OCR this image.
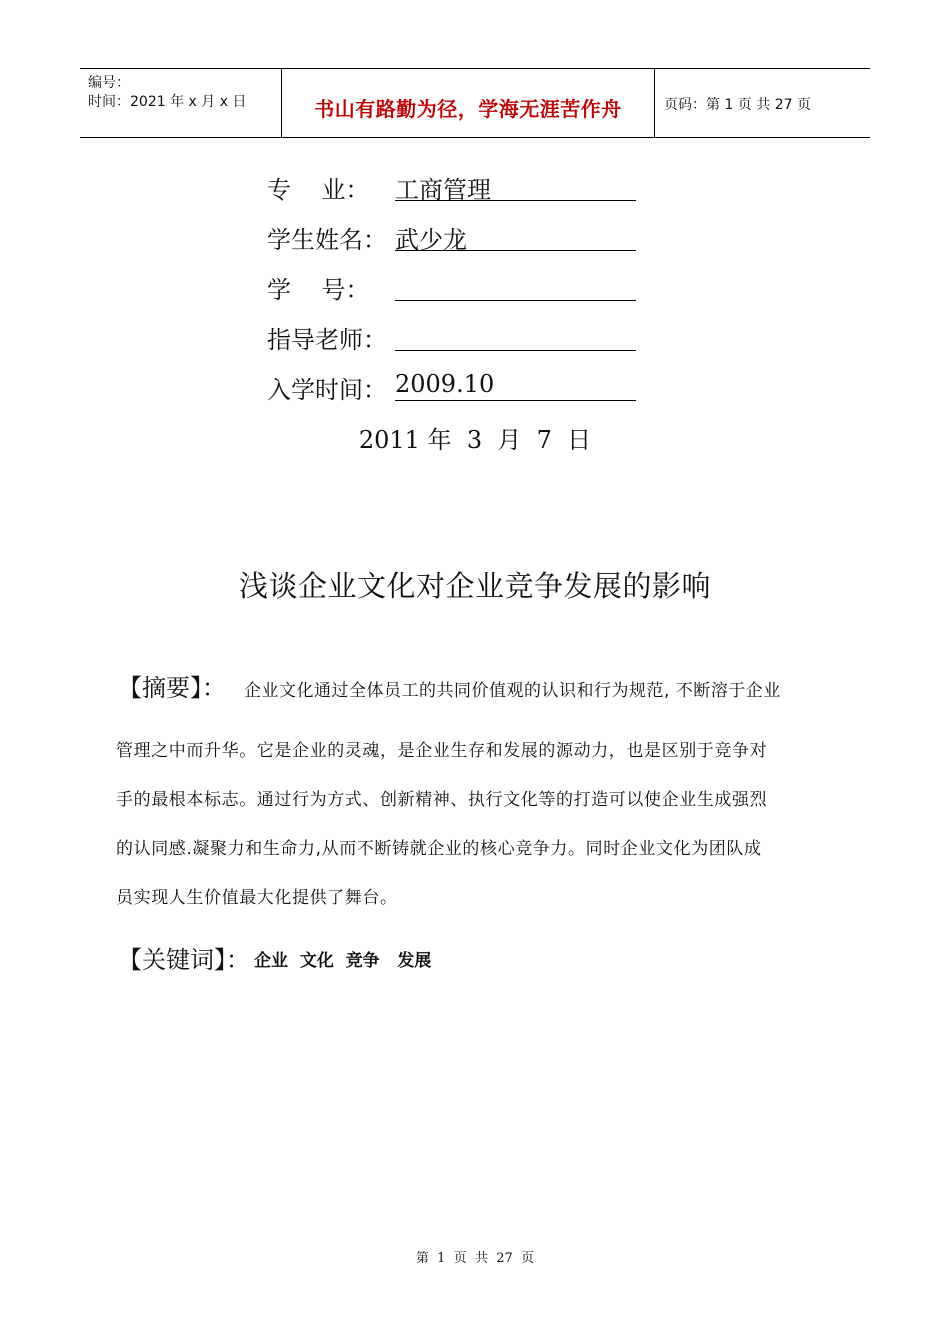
编号：
时间：2021 年 x 月 x 日	书山有路勤为径，学海无涯苦作舟	页码：第 1 页 共 27 页
专    业： 工商管理
学生姓名： 武少龙
学    号：
指导老师：
入学时间： 2009.10
2011 年  3  月  7  日
浅谈企业文化对企业竞争发展的影响
【摘要】： 企业文化通过全体员工的共同价值观的认识和行为规范, 不断溶于企业
管理之中而升华。它是企业的灵魂，是企业生存和发展的源动力，也是区别于竞争对
手的最根本标志。通过行为方式、创新精神、执行文化等的打造可以使企业生成强烈
的认同感.凝聚力和生命力,从而不断铸就企业的核心竞争力。同时企业文化为团队成
员实现人生价值最大化提供了舞台。
【关键词】： 企业  文化  竞争   发展
第  1  页  共  27  页
